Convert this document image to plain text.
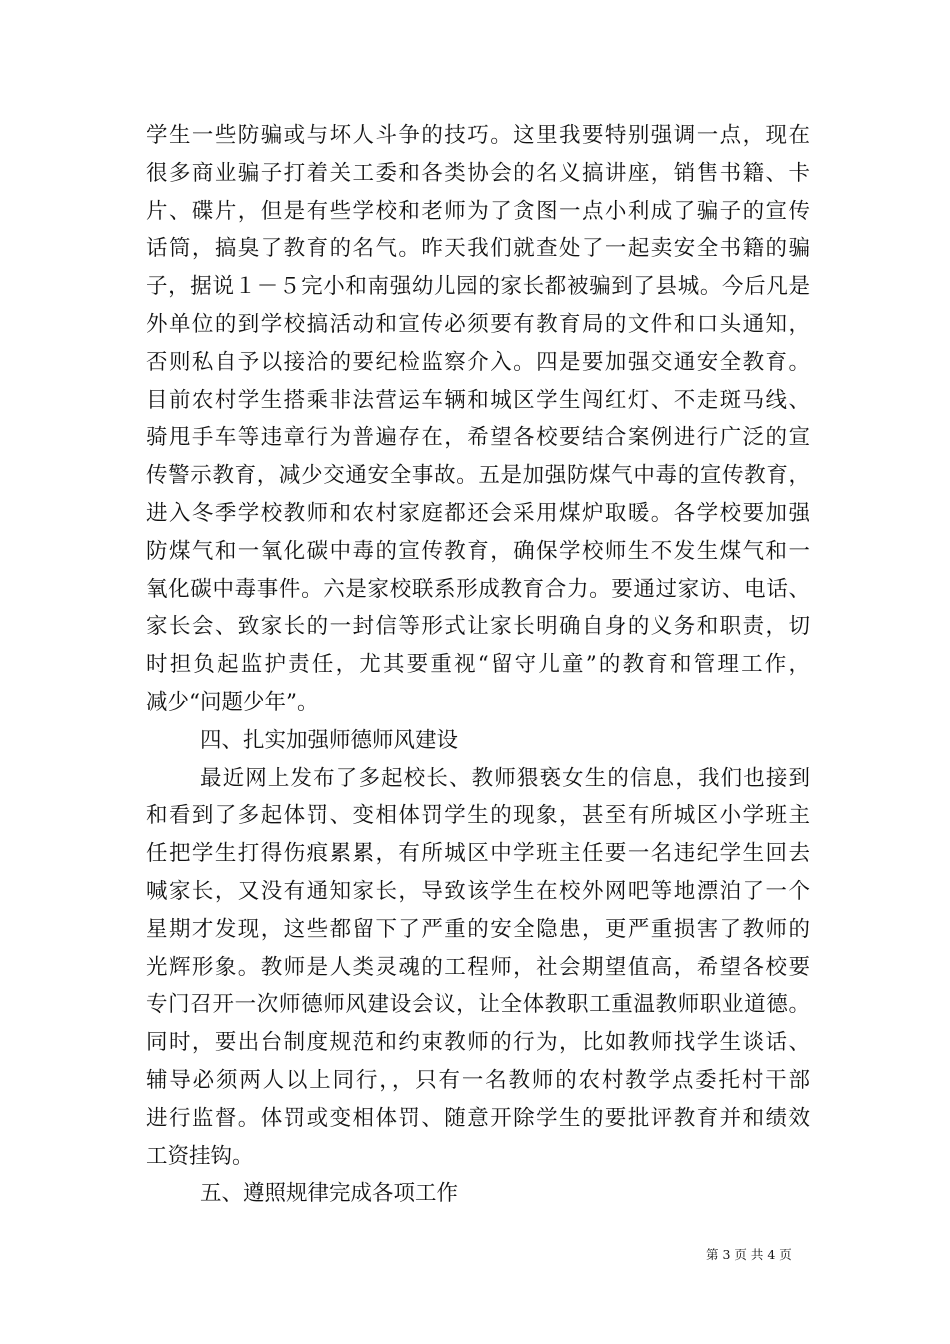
学生一些防骗或与坏人斗争的技巧。这里我要特别强调一点，现在
很多商业骗子打着关工委和各类协会的名义搞讲座，销售书籍、卡
片、碟片，但是有些学校和老师为了贪图一点小利成了骗子的宣传
话筒，搞臭了教育的名气。昨天我们就查处了一起卖安全书籍的骗
子，据说１－５完小和南强幼儿园的家长都被骗到了县城。今后凡是
外单位的到学校搞活动和宣传必须要有教育局的文件和口头通知，
否则私自予以接洽的要纪检监察介入。四是要加强交通安全教育。
目前农村学生搭乘非法营运车辆和城区学生闯红灯、不走斑马线、
骑甩手车等违章行为普遍存在，希望各校要结合案例进行广泛的宣
传警示教育，减少交通安全事故。五是加强防煤气中毒的宣传教育，
进入冬季学校教师和农村家庭都还会采用煤炉取暖。各学校要加强
防煤气和一氧化碳中毒的宣传教育，确保学校师生不发生煤气和一
氧化碳中毒事件。六是家校联系形成教育合力。要通过家访、电话、
家长会、致家长的一封信等形式让家长明确自身的义务和职责，切
时担负起监护责任，尤其要重视“留守儿童”的教育和管理工作，
减少“问题少年”。
四、扎实加强师德师风建设
最近网上发布了多起校长、教师猥亵女生的信息，我们也接到
和看到了多起体罚、变相体罚学生的现象，甚至有所城区小学班主
任把学生打得伤痕累累，有所城区中学班主任要一名违纪学生回去
喊家长，又没有通知家长，导致该学生在校外网吧等地漂泊了一个
星期才发现，这些都留下了严重的安全隐患，更严重损害了教师的
光辉形象。教师是人类灵魂的工程师，社会期望值高，希望各校要
专门召开一次师德师风建设会议，让全体教职工重温教师职业道德。
同时，要出台制度规范和约束教师的行为，比如教师找学生谈话、
辅导必须两人以上同行，，只有一名教师的农村教学点委托村干部
进行监督。体罚或变相体罚、随意开除学生的要批评教育并和绩效
工资挂钩。
五、遵照规律完成各项工作
第 3 页 共 4 页
